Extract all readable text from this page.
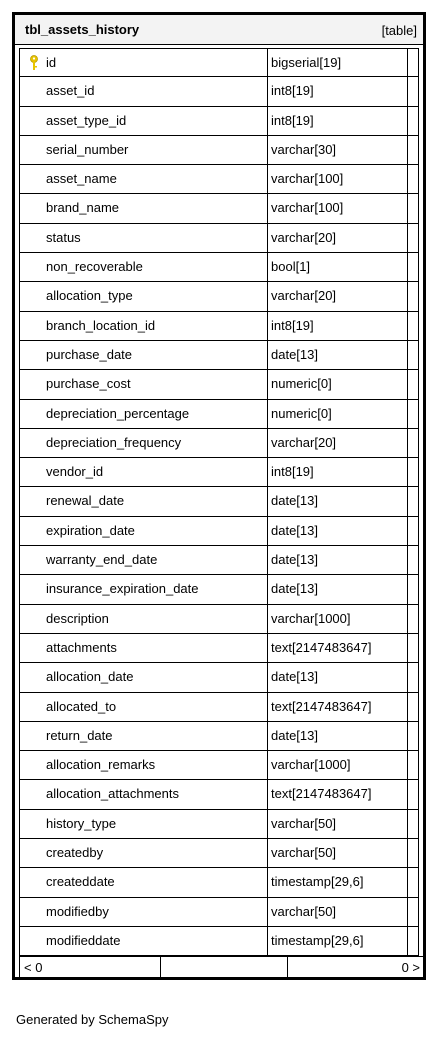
tbl_assets_history	[table]
id	bigserial[19]
asset_id	int8[19]
asset_type_id	int8[19]
serial_number	varchar[30]
asset_name	varchar[100]
brand_name	varchar[100]
status	varchar[20]
non_recoverable	bool[1]
allocation_type	varchar[20]
branch_location_id	int8[19]
purchase_date	date[13]
purchase_cost	numeric[0]
depreciation_percentage	numeric[0]
depreciation_frequency	varchar[20]
vendor_id	int8[19]
renewal_date	date[13]
expiration_date	date[13]
warranty_end_date	date[13]
insurance_expiration_date	date[13]
description	varchar[1000]
attachments	text[2147483647]
allocation_date	date[13]
allocated_to	text[2147483647]
return_date	date[13]
allocation_remarks	varchar[1000]
allocation_attachments	text[2147483647]
history_type	varchar[50]
createdby	varchar[50]
createddate	timestamp[29,6]
modifiedby	varchar[50]
modifieddate	timestamp[29,6]
< 0	0 >
Generated by SchemaSpy
